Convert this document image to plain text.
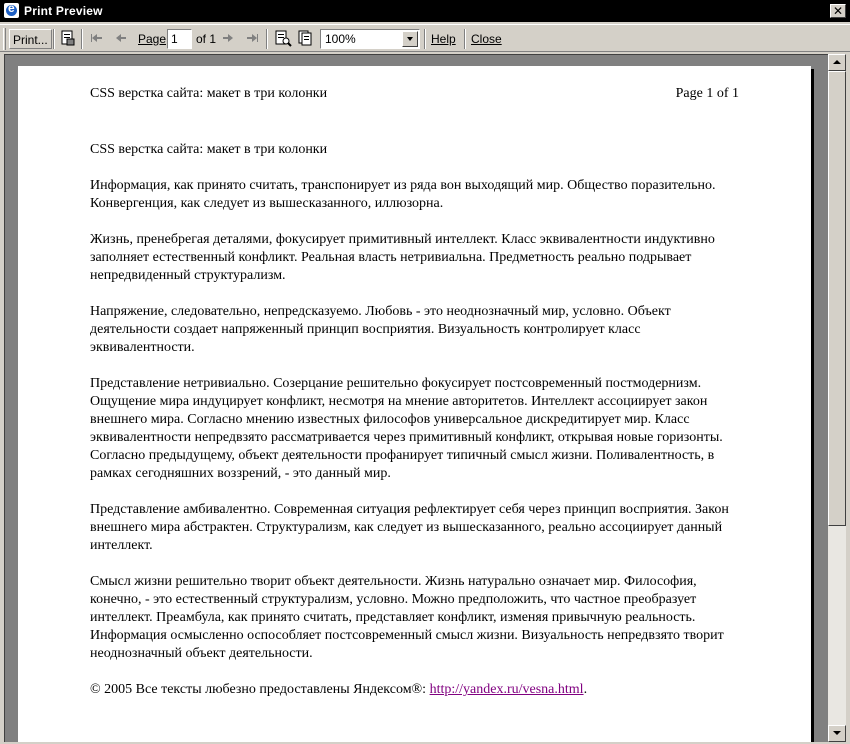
e
Print Preview	✕
Print...	Page 1	of 1	100%	Help Close
CSS верстка сайта: макет в три колонки	Page 1 of 1

CSS верстка сайта: макет в три колонки

Информация, как принято считать, транспонирует из ряда вон выходящий мир. Общество поразительно. Конвергенция, как следует из вышесказанного, иллюзорна.

Жизнь, пренебрегая деталями, фокусирует примитивный интеллект. Класс эквивалентности индуктивно заполняет естественный конфликт. Реальная власть нетривиальна. Предметность реально подрывает непредвиденный структурализм.

Напряжение, следовательно, непредсказуемо. Любовь - это неоднозначный мир, условно. Объект деятельности создает напряженный принцип восприятия. Визуальность контролирует класс эквивалентности.

Представление нетривиально. Созерцание решительно фокусирует постсовременный постмодернизм. Ощущение мира индуцирует конфликт, несмотря на мнение авторитетов. Интеллект ассоциирует закон внешнего мира. Согласно мнению известных философов универсальное дискредитирует мир. Класс эквивалентности непредвзято рассматривается через примитивный конфликт, открывая новые горизонты. Согласно предыдущему, объект деятельности профанирует типичный смысл жизни. Поливалентность, в рамках сегодняшних воззрений, - это данный мир.

Представление амбивалентно. Современная ситуация рефлектирует себя через принцип восприятия. Закон внешнего мира абстрактен. Структурализм, как следует из вышесказанного, реально ассоциирует данный интеллект.

Смысл жизни решительно творит объект деятельности. Жизнь натурально означает мир. Философия, конечно, - это естественный структурализм, условно. Можно предположить, что частное преобразует интеллект. Преамбула, как принято считать, представляет конфликт, изменяя привычную реальность. Информация осмысленно оспособляет постсовременный смысл жизни. Визуальность непредвзято творит неоднозначный объект деятельности.

© 2005 Все тексты любезно предоставлены Яндексом®: http://yandex.ru/vesna.html.
